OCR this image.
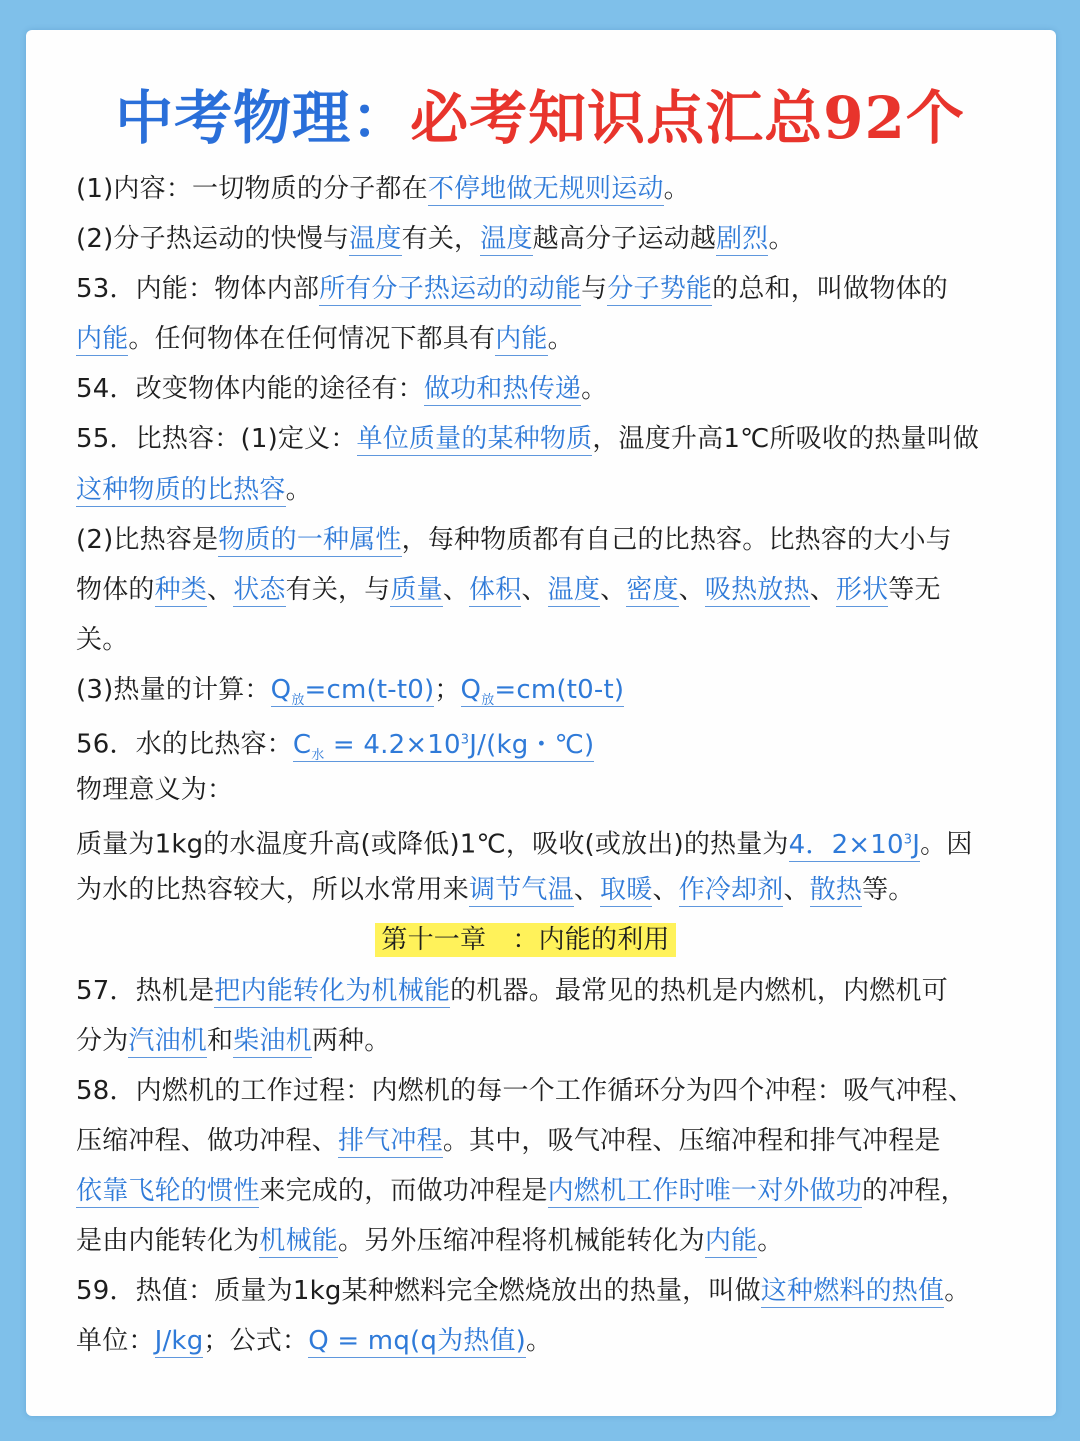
中考物理：必考知识点汇总92个
(1)内容：一切物质的分子都在不停地做无规则运动。
(2)分子热运动的快慢与温度有关，温度越高分子运动越剧烈。
53．内能：物体内部所有分子热运动的动能与分子势能的总和，叫做物体的
内能。任何物体在任何情况下都具有内能。
54．改变物体内能的途径有：做功和热传递。
55．比热容：(1)定义：单位质量的某种物质，温度升高1℃所吸收的热量叫做
这种物质的比热容。
(2)比热容是物质的一种属性，每种物质都有自己的比热容。比热容的大小与
物体的种类、状态有关，与质量、体积、温度、密度、吸热放热、形状等无
关。
(3)热量的计算：$Q_放=cm(t-t0)$；$Q_放=cm(t0-t)$
56．水的比热容：$C_水 = 4.2\times 10^3J/(kg$・℃)
物理意义为：
质量为1kg的水温度升高(或降低)1℃，吸收(或放出)的热量为4．$2\times 10^3J$。因
为水的比热容较大，所以水常用来调节气温、取暖、作冷却剂、散热等。
第十一章　：内能的利用
57．热机是把内能转化为机械能的机器。最常见的热机是内燃机，内燃机可
分为汽油机和柴油机两种。
58．内燃机的工作过程：内燃机的每一个工作循环分为四个冲程：吸气冲程、
压缩冲程、做功冲程、排气冲程。其中，吸气冲程、压缩冲程和排气冲程是
依靠飞轮的惯性来完成的，而做功冲程是内燃机工作时唯一对外做功的冲程，
是由内能转化为机械能。另外压缩冲程将机械能转化为内能。
59．热值：质量为1kg某种燃料完全燃烧放出的热量，叫做这种燃料的热值。
单位：J/kg；公式：Q = mq(q为热值)。
